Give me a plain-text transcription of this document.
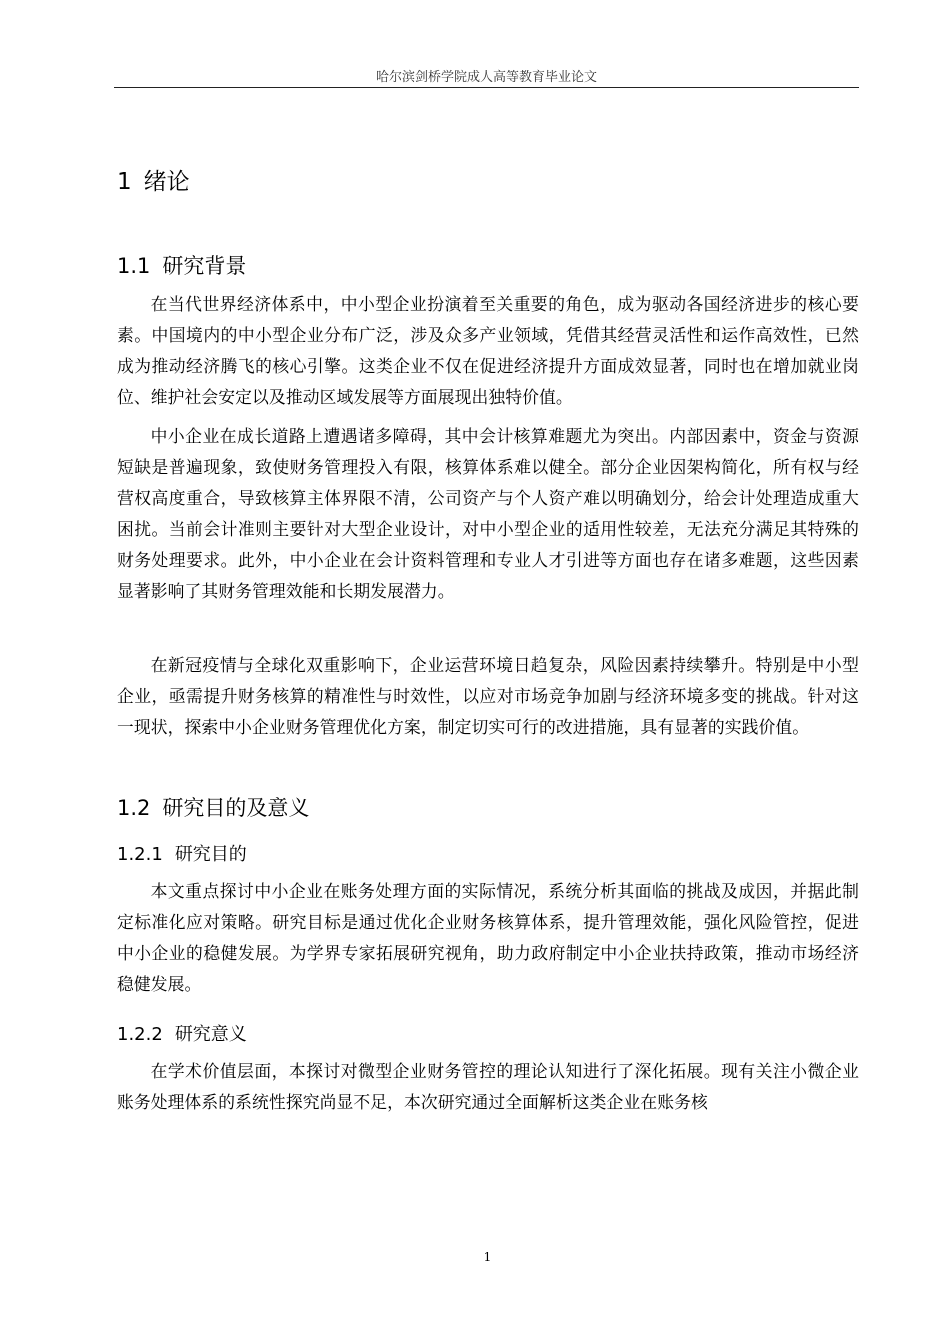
哈尔滨剑桥学院成人高等教育毕业论文
1 绪论
1.1 研究背景

在当代世界经济体系中，中小型企业扮演着至关重要的角色，成为驱动各国经济进步的核心要素。中国境内的中小型企业分布广泛，涉及众多产业领域，凭借其经营灵活性和运作高效性，已然成为推动经济腾飞的核心引擎。这类企业不仅在促进经济提升方面成效显著，同时也在增加就业岗位、维护社会安定以及推动区域发展等方面展现出独特价值。

中小企业在成长道路上遭遇诸多障碍，其中会计核算难题尤为突出。内部因素中，资金与资源短缺是普遍现象，致使财务管理投入有限，核算体系难以健全。部分企业因架构简化，所有权与经营权高度重合，导致核算主体界限不清，公司资产与个人资产难以明确划分，给会计处理造成重大困扰。当前会计准则主要针对大型企业设计，对中小型企业的适用性较差，无法充分满足其特殊的财务处理要求。此外，中小企业在会计资料管理和专业人才引进等方面也存在诸多难题，这些因素显著影响了其财务管理效能和长期发展潜力。

在新冠疫情与全球化双重影响下，企业运营环境日趋复杂，风险因素持续攀升。特别是中小型企业，亟需提升财务核算的精准性与时效性，以应对市场竞争加剧与经济环境多变的挑战。针对这一现状，探索中小企业财务管理优化方案，制定切实可行的改进措施，具有显著的实践价值。

1.2 研究目的及意义
1.2.1 研究目的

本文重点探讨中小企业在账务处理方面的实际情况，系统分析其面临的挑战及成因，并据此制定标准化应对策略。研究目标是通过优化企业财务核算体系，提升管理效能，强化风险管控，促进中小企业的稳健发展。为学界专家拓展研究视角，助力政府制定中小企业扶持政策，推动市场经济稳健发展。

1.2.2 研究意义

在学术价值层面，本探讨对微型企业财务管控的理论认知进行了深化拓展。现有关注小微企业账务处理体系的系统性探究尚显不足，本次研究通过全面解析这类企业在账务核

1
